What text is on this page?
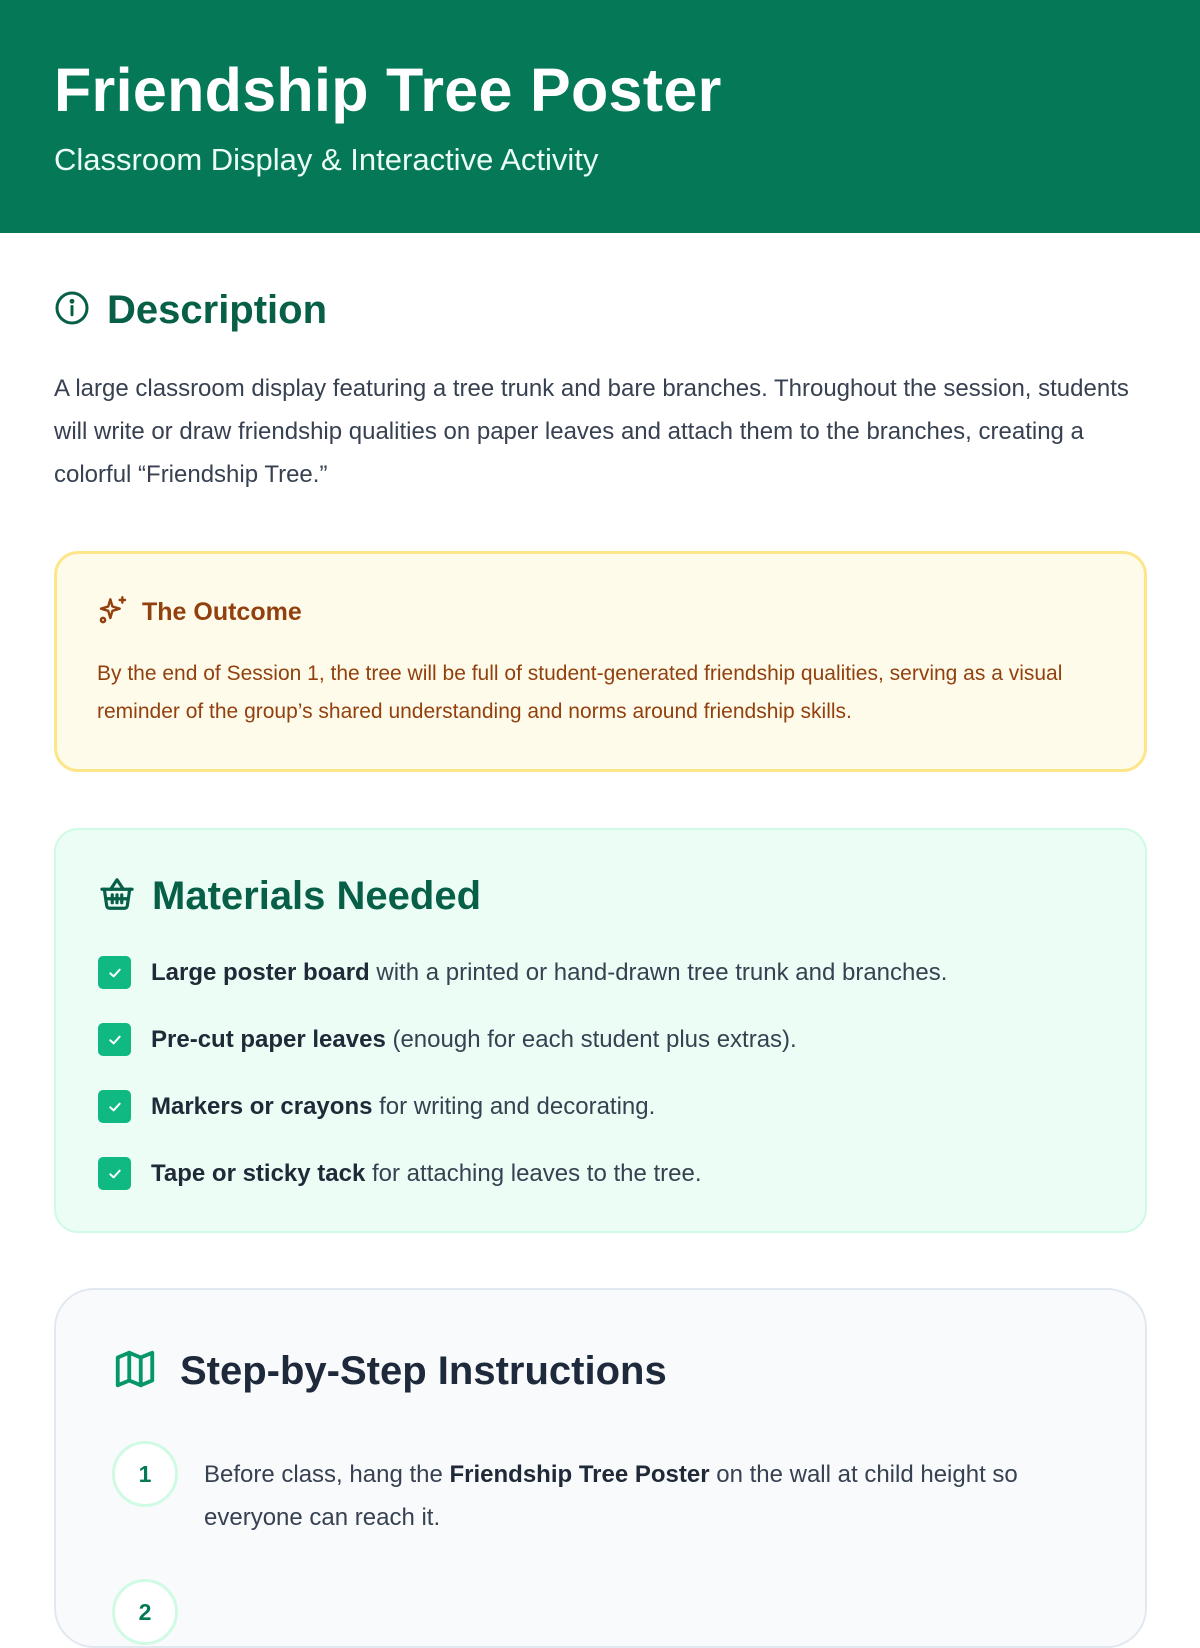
Friendship Tree Poster
Classroom Display & Interactive Activity
Description

A large classroom display featuring a tree trunk and bare branches. Throughout the session, students will write or draw friendship qualities on paper leaves and attach them to the branches, creating a colorful “Friendship Tree.”

The Outcome

By the end of Session 1, the tree will be full of student-generated friendship qualities, serving as a visual reminder of the group’s shared understanding and norms around friendship skills.

Materials Needed
Large poster board with a printed or hand-drawn tree trunk and branches.
Pre-cut paper leaves (enough for each student plus extras).
Markers or crayons for writing and decorating.
Tape or sticky tack for attaching leaves to the tree.
Step-by-Step Instructions
1	Before class, hang the Friendship Tree Poster on the wall at child height so everyone can reach it.
2
